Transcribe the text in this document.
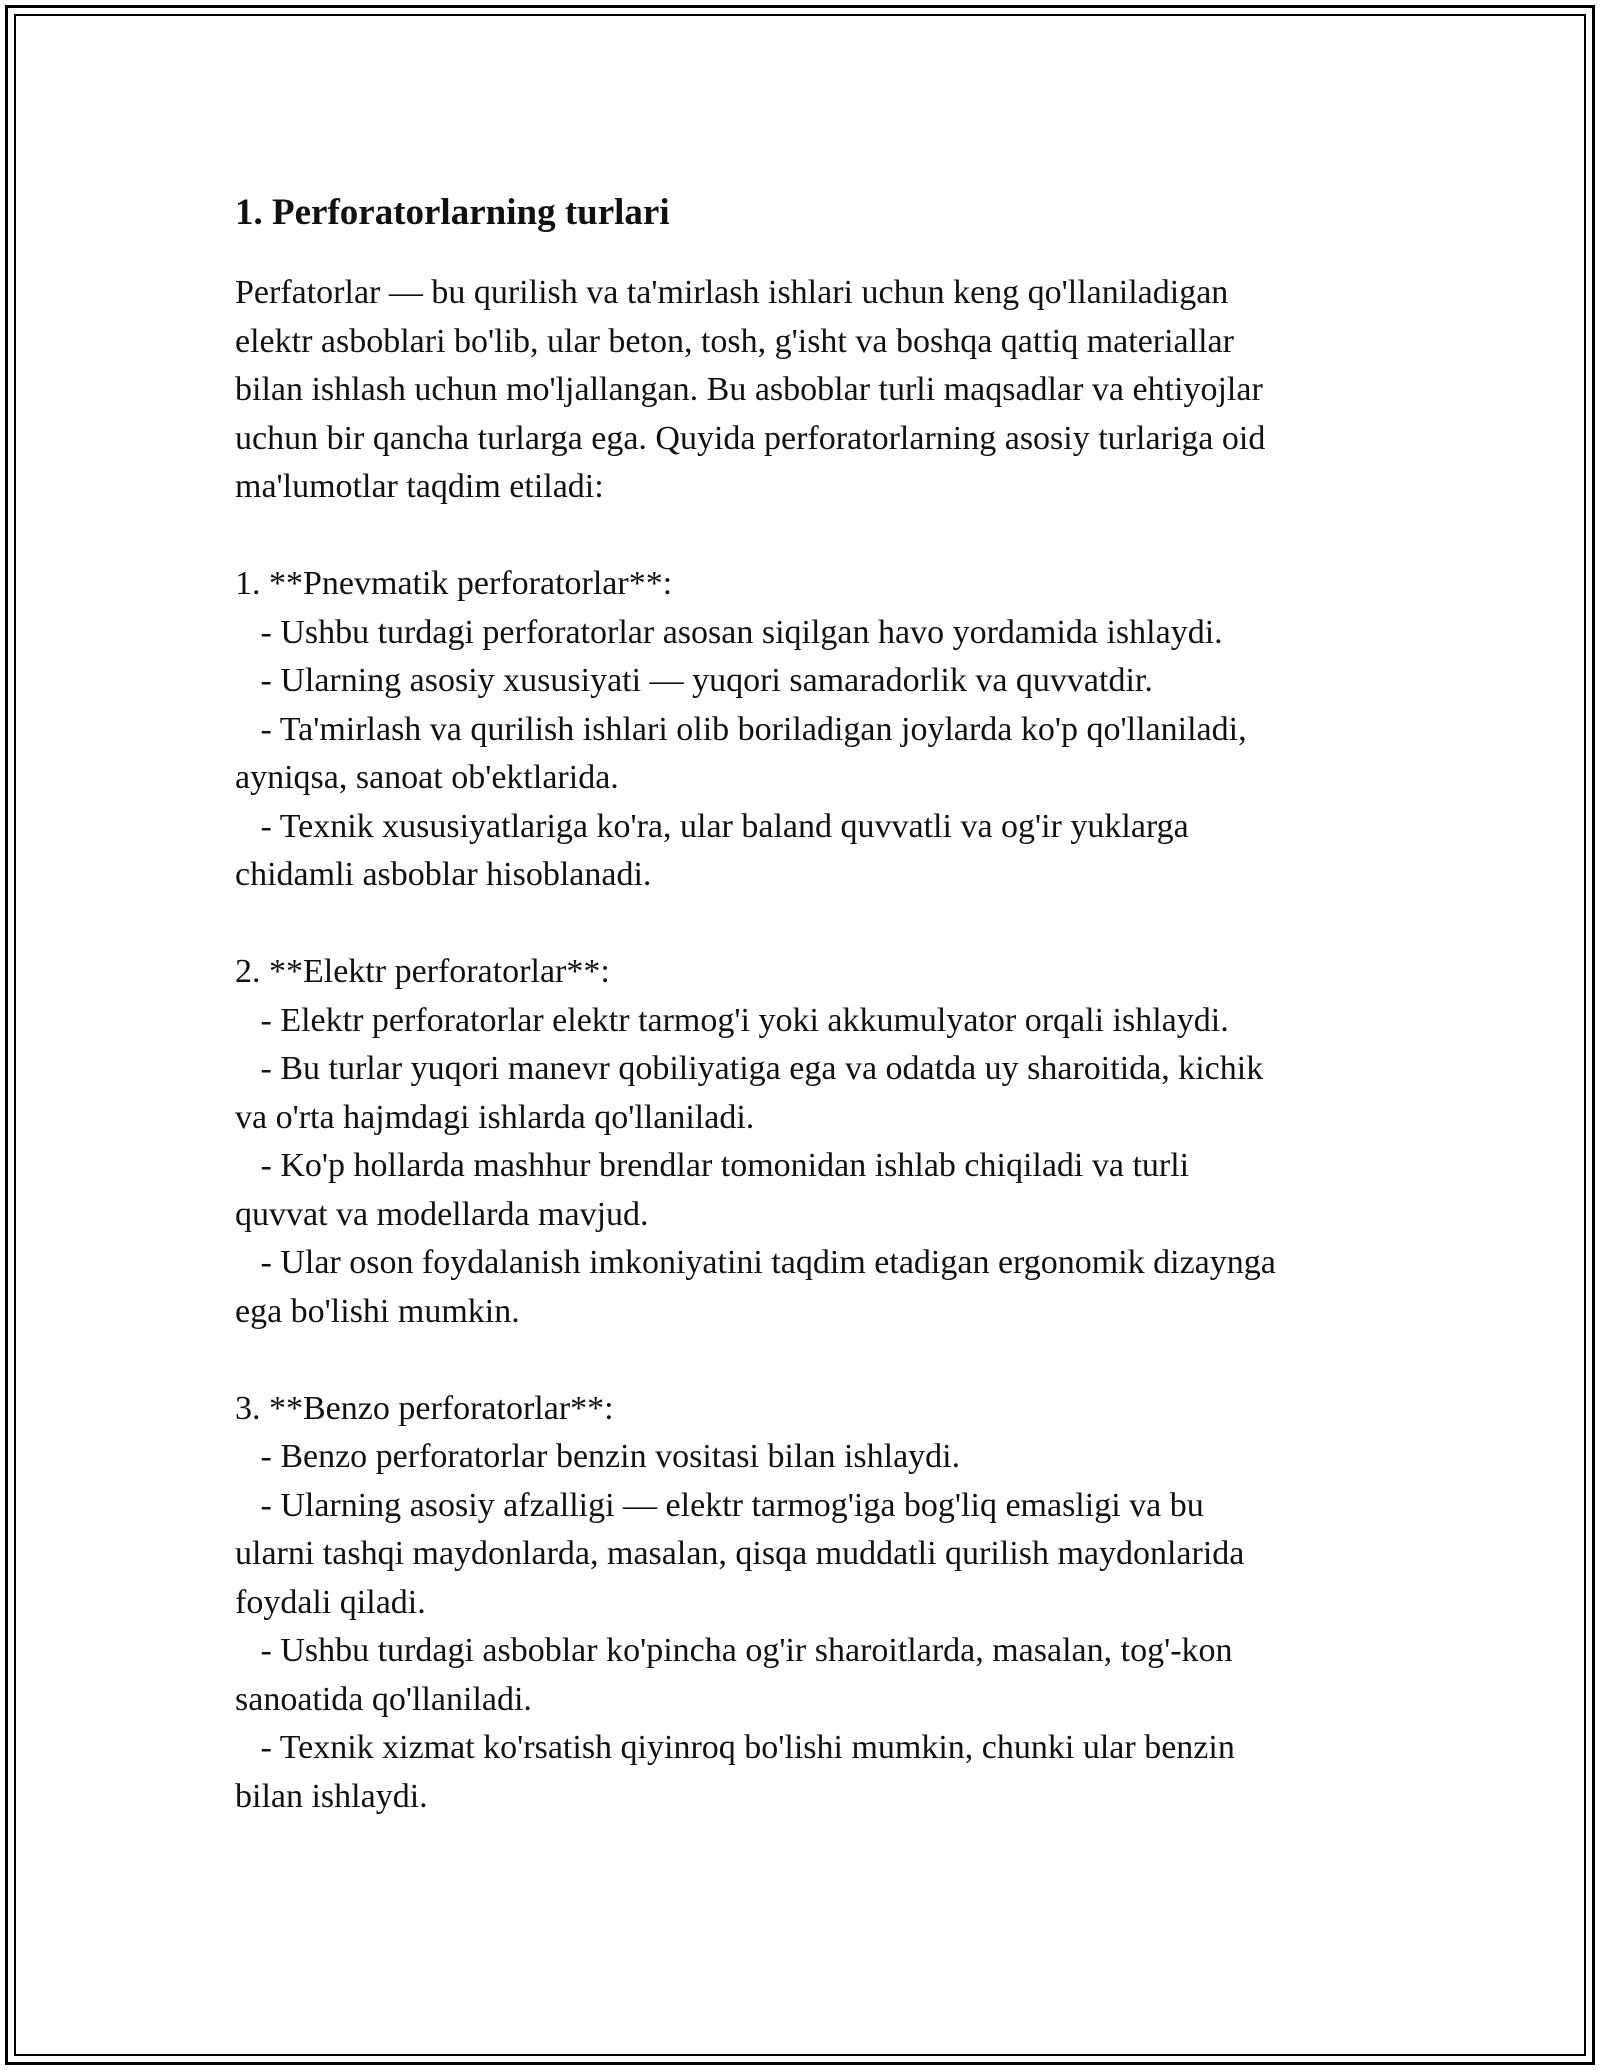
1. Perforatorlarning turlari
Perfatorlar — bu qurilish va ta'mirlash ishlari uchun keng qo'llaniladigan
elektr asboblari bo'lib, ular beton, tosh, g'isht va boshqa qattiq materiallar
bilan ishlash uchun mo'ljallangan. Bu asboblar turli maqsadlar va ehtiyojlar
uchun bir qancha turlarga ega. Quyida perforatorlarning asosiy turlariga oid
ma'lumotlar taqdim etiladi:
1. **Pnevmatik perforatorlar**:
- Ushbu turdagi perforatorlar asosan siqilgan havo yordamida ishlaydi.
- Ularning asosiy xususiyati — yuqori samaradorlik va quvvatdir.
- Ta'mirlash va qurilish ishlari olib boriladigan joylarda ko'p qo'llaniladi,
ayniqsa, sanoat ob'ektlarida.
- Texnik xususiyatlariga ko'ra, ular baland quvvatli va og'ir yuklarga
chidamli asboblar hisoblanadi.
2. **Elektr perforatorlar**:
- Elektr perforatorlar elektr tarmog'i yoki akkumulyator orqali ishlaydi.
- Bu turlar yuqori manevr qobiliyatiga ega va odatda uy sharoitida, kichik
va o'rta hajmdagi ishlarda qo'llaniladi.
- Ko'p hollarda mashhur brendlar tomonidan ishlab chiqiladi va turli
quvvat va modellarda mavjud.
- Ular oson foydalanish imkoniyatini taqdim etadigan ergonomik dizaynga
ega bo'lishi mumkin.
3. **Benzo perforatorlar**:
- Benzo perforatorlar benzin vositasi bilan ishlaydi.
- Ularning asosiy afzalligi — elektr tarmog'iga bog'liq emasligi va bu
ularni tashqi maydonlarda, masalan, qisqa muddatli qurilish maydonlarida
foydali qiladi.
- Ushbu turdagi asboblar ko'pincha og'ir sharoitlarda, masalan, tog'-kon
sanoatida qo'llaniladi.
- Texnik xizmat ko'rsatish qiyinroq bo'lishi mumkin, chunki ular benzin
bilan ishlaydi.
